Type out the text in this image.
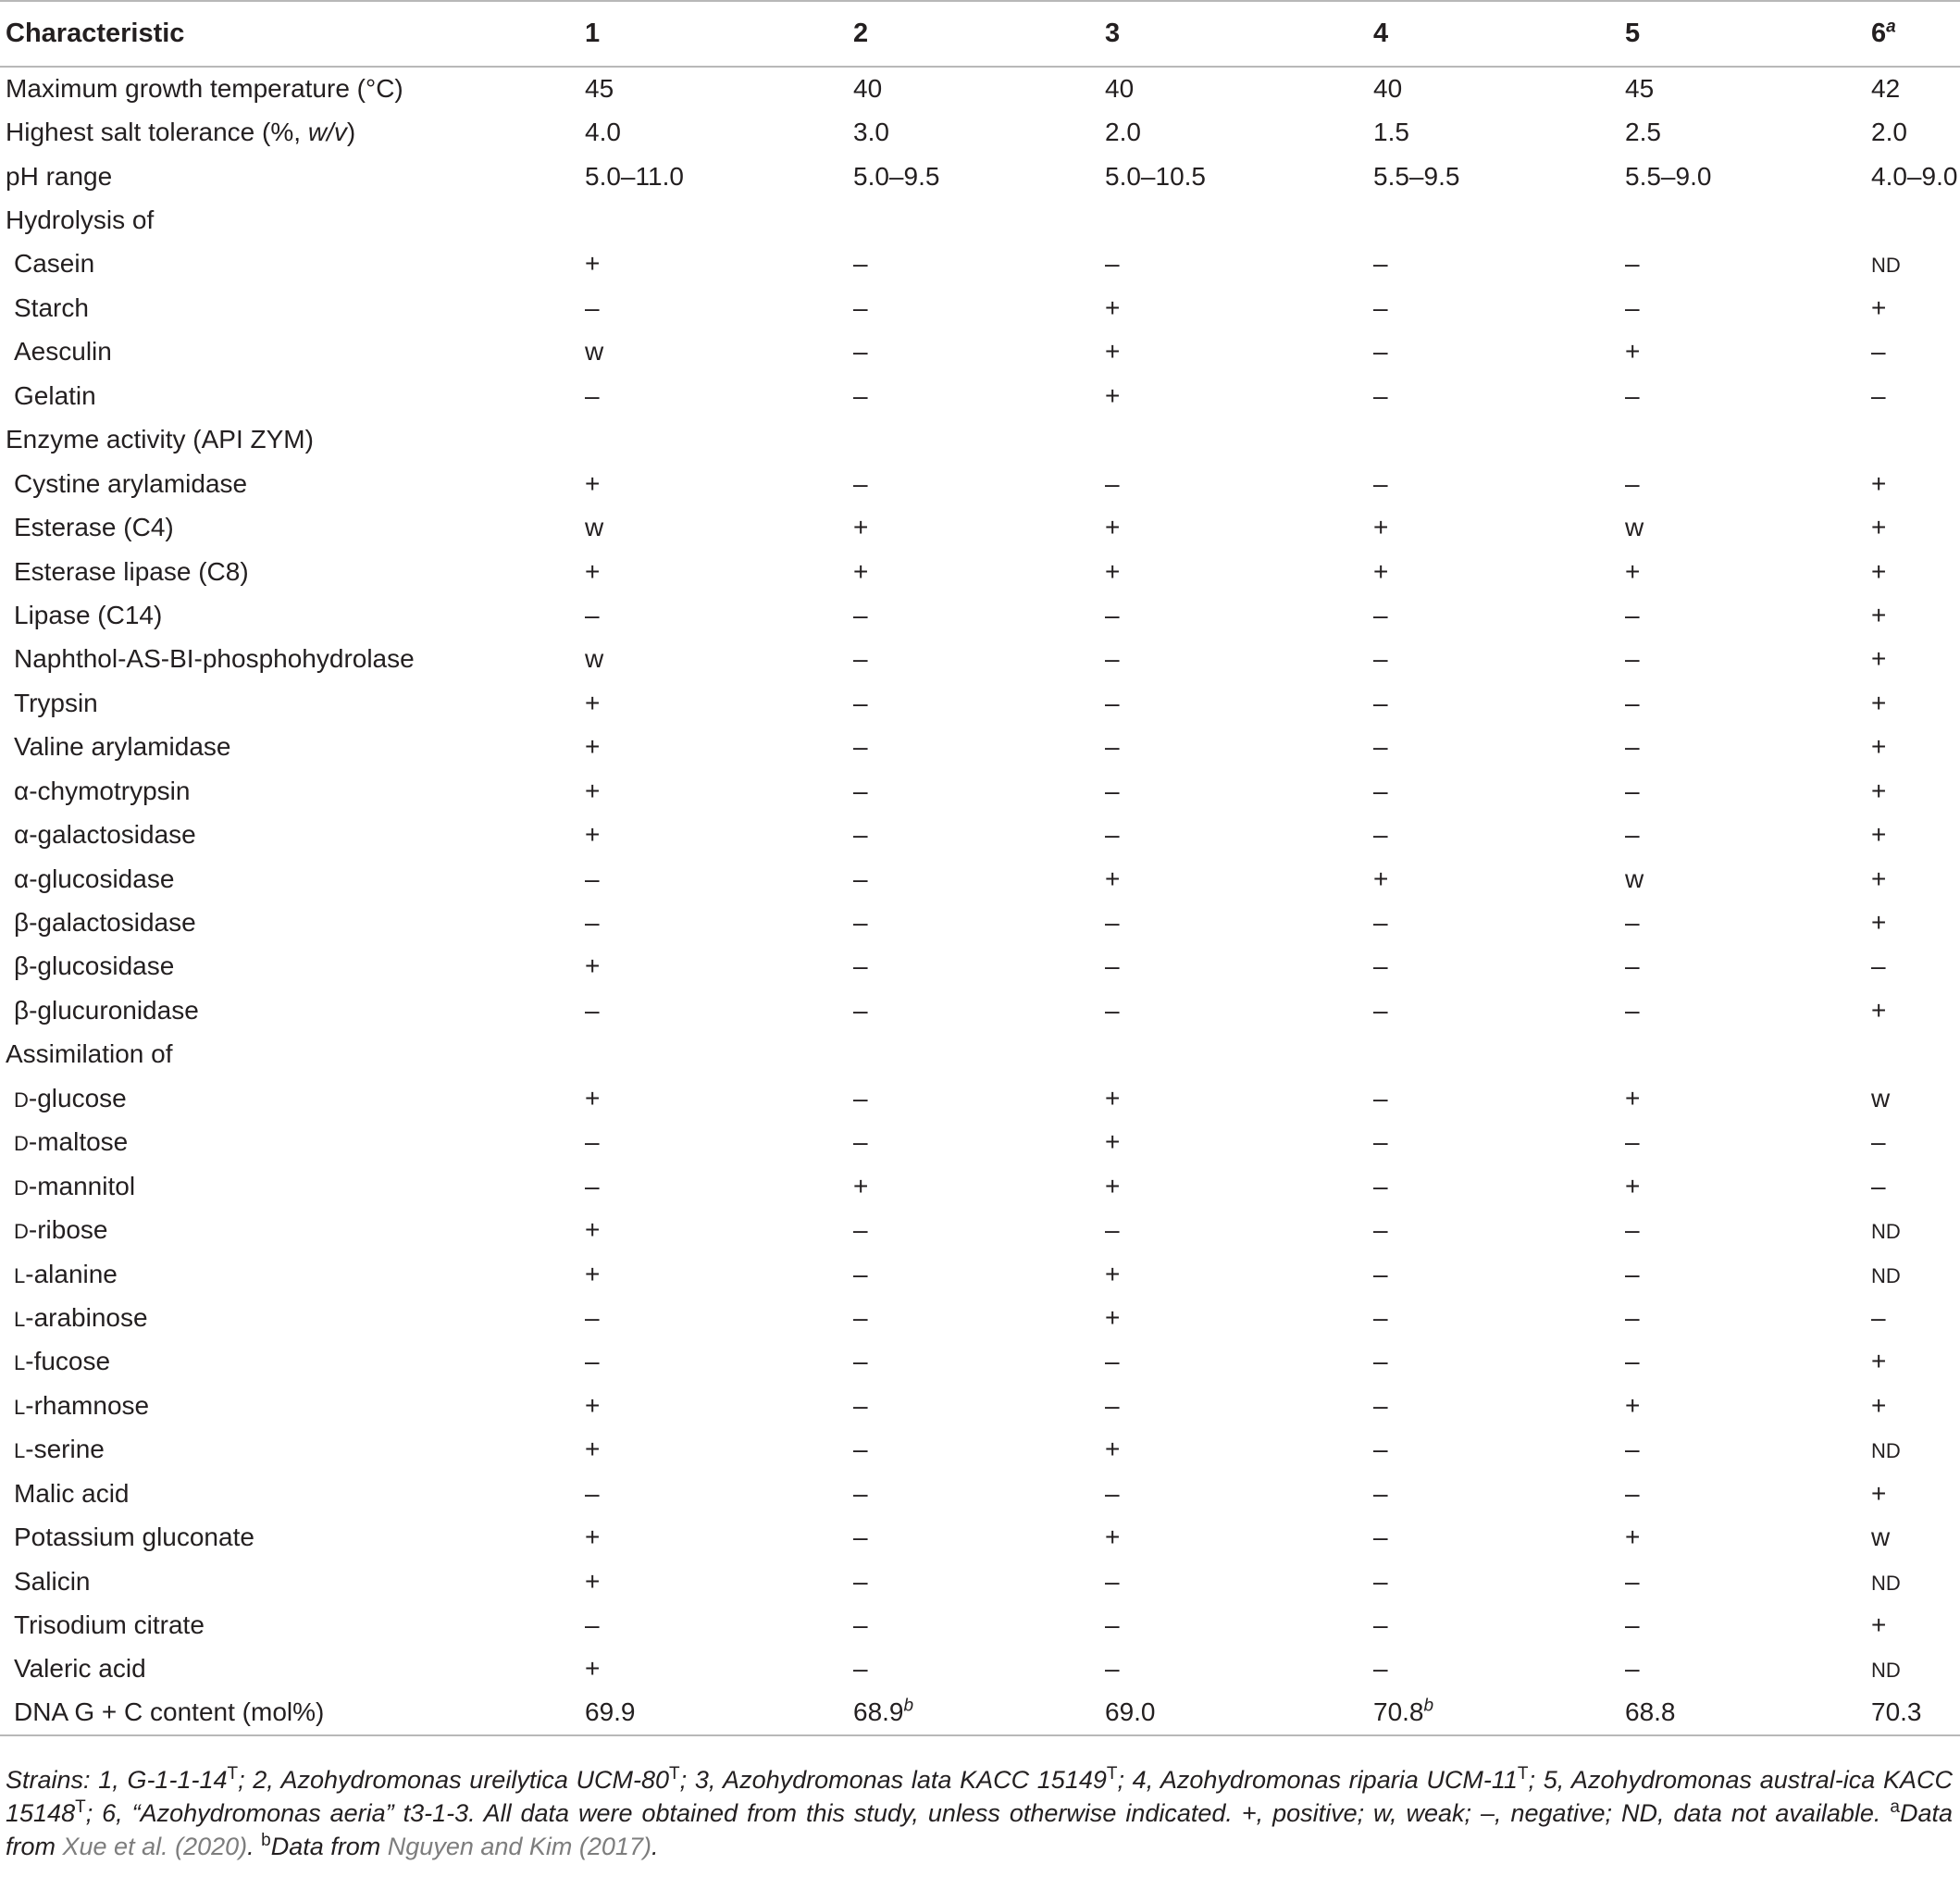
Characteristic	1	2	3	4	5	6$^a$
Maximum growth temperature (°C)	45	40	40	40	45	42
Highest salt tolerance (%, w/v)	4.0	3.0	2.0	1.5	2.5	2.0
pH range	5.0–11.0	5.0–9.5	5.0–10.5	5.5–9.5	5.5–9.0	4.0–9.0
Hydrolysis of						
Casein	+	–	–	–	–	ND
Starch	–	–	+	–	–	+
Aesculin	w	–	+	–	+	–
Gelatin	–	–	+	–	–	–
Enzyme activity (API ZYM)						
Cystine arylamidase	+	–	–	–	–	+
Esterase (C4)	w	+	+	+	w	+
Esterase lipase (C8)	+	+	+	+	+	+
Lipase (C14)	–	–	–	–	–	+
Naphthol-AS-BI-phosphohydrolase	w	–	–	–	–	+
Trypsin	+	–	–	–	–	+
Valine arylamidase	+	–	–	–	–	+
α-chymotrypsin	+	–	–	–	–	+
α-galactosidase	+	–	–	–	–	+
α-glucosidase	–	–	+	+	w	+
β-galactosidase	–	–	–	–	–	+
β-glucosidase	+	–	–	–	–	–
β-glucuronidase	–	–	–	–	–	+
Assimilation of						
D-glucose	+	–	+	–	+	w
D-maltose	–	–	+	–	–	–
D-mannitol	–	+	+	–	+	–
D-ribose	+	–	–	–	–	ND
L-alanine	+	–	+	–	–	ND
L-arabinose	–	–	+	–	–	–
L-fucose	–	–	–	–	–	+
L-rhamnose	+	–	–	–	+	+
L-serine	+	–	+	–	–	ND
Malic acid	–	–	–	–	–	+
Potassium gluconate	+	–	+	–	+	w
Salicin	+	–	–	–	–	ND
Trisodium citrate	–	–	–	–	–	+
Valeric acid	+	–	–	–	–	ND
DNA G + C content (mol%)	69.9	68.9$^b$	69.0	70.8$^b$	68.8	70.3
Strains: 1, $G-1-1-14^T$; 2, Azohydromonas ureilytica UCM-$80^T$; 3, Azohydromonas lata KACC $15149^T$; 4, Azohydromonas riparia UCM-$11^T$; 5, Azohydromonas austral-ica KACC $15148^T$; 6, “Azohydromonas aeria” t3-1-3. All data were obtained from this study, unless otherwise indicated. +, positive; w, weak; –, negative; ND, data not available. $^a$Data from Xue et al. (2020). $^b$Data from Nguyen and Kim (2017).
